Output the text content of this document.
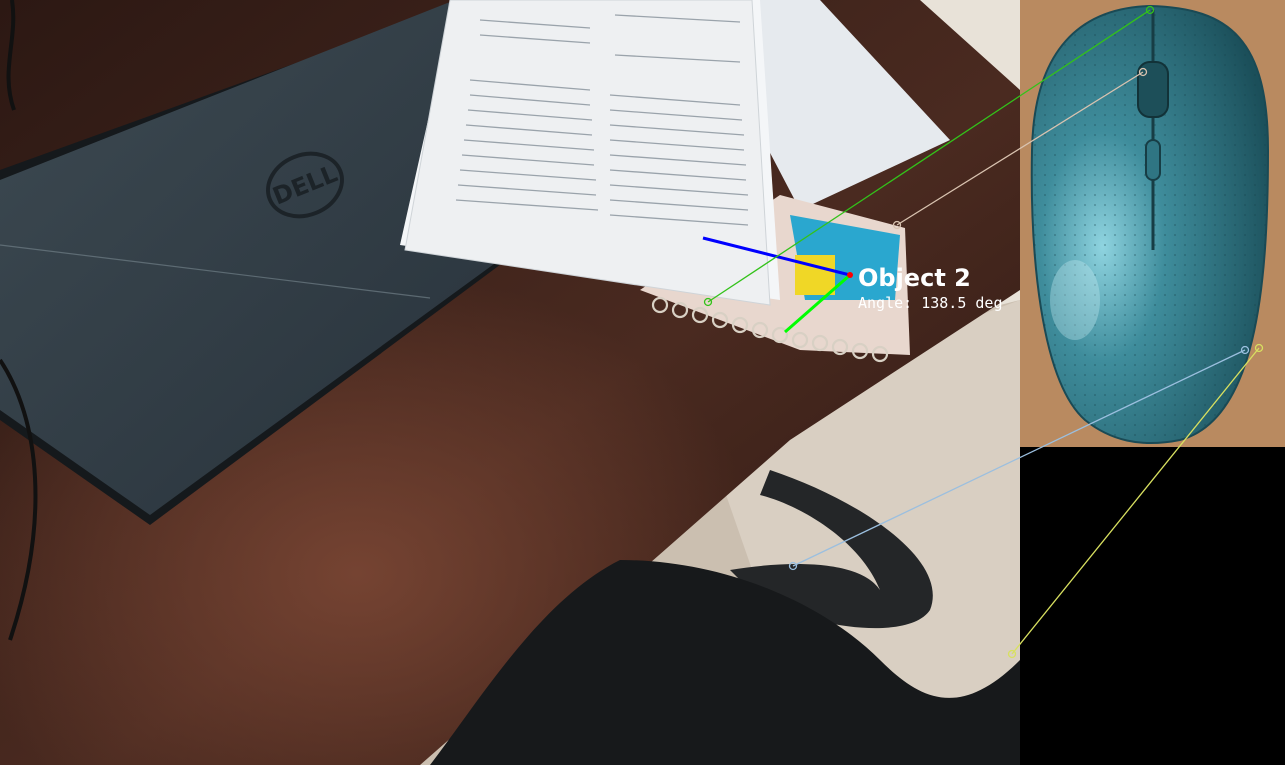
DELL
Object 2
Angle: 138.5 deg
